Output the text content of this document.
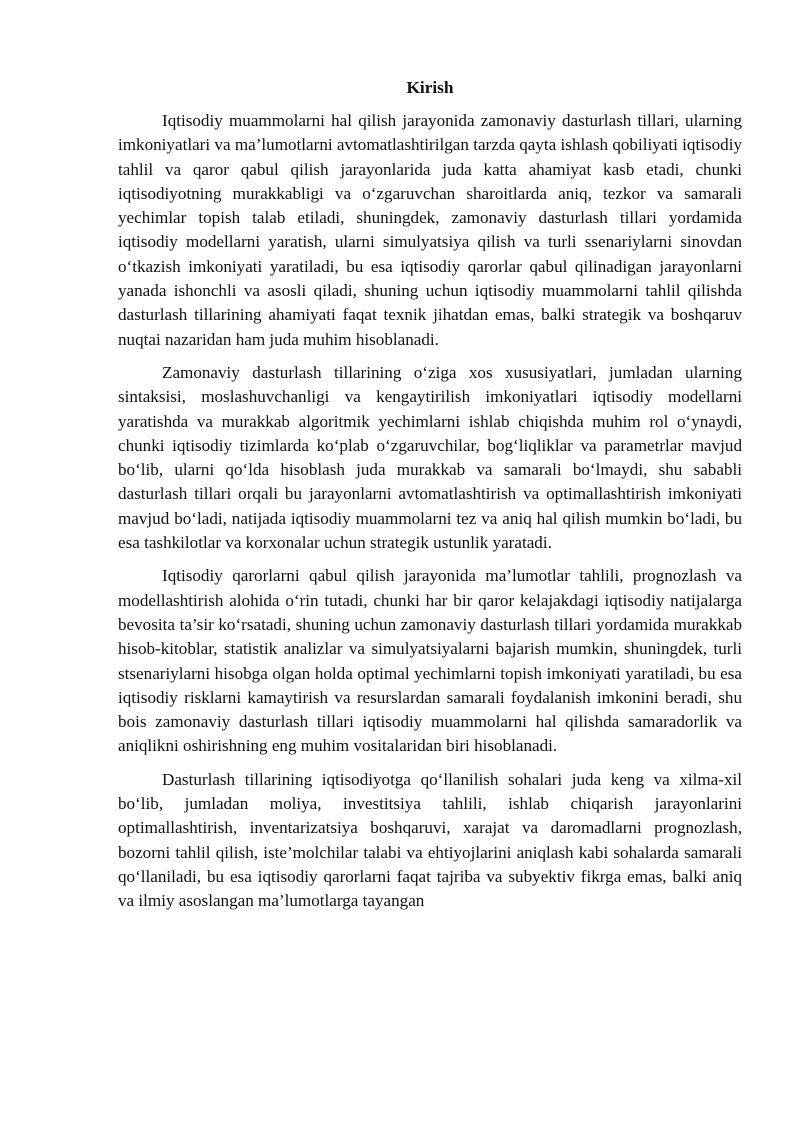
Kirish

Iqtisodiy muammolarni hal qilish jarayonida zamonaviy dasturlash tillari, ularning imkoniyatlari va ma’lumotlarni avtomatlashtirilgan tarzda qayta ishlash qobiliyati iqtisodiy tahlil va qaror qabul qilish jarayonlarida juda katta ahamiyat kasb etadi, chunki iqtisodiyotning murakkabligi va o‘zgaruvchan sharoitlarda aniq, tezkor va samarali yechimlar topish talab etiladi, shuningdek, zamonaviy dasturlash tillari yordamida iqtisodiy modellarni yaratish, ularni simulyatsiya qilish va turli ssenariylarni sinovdan o‘tkazish imkoniyati yaratiladi, bu esa iqtisodiy qarorlar qabul qilinadigan jarayonlarni yanada ishonchli va asosli qiladi, shuning uchun iqtisodiy muammolarni tahlil qilishda dasturlash tillarining ahamiyati faqat texnik jihatdan emas, balki strategik va boshqaruv nuqtai nazaridan ham juda muhim hisoblanadi.

Zamonaviy dasturlash tillarining o‘ziga xos xususiyatlari, jumladan ularning sintaksisi, moslashuvchanligi va kengaytirilish imkoniyatlari iqtisodiy modellarni yaratishda va murakkab algoritmik yechimlarni ishlab chiqishda muhim rol o‘ynaydi, chunki iqtisodiy tizimlarda ko‘plab o‘zgaruvchilar, bog‘liqliklar va parametrlar mavjud bo‘lib, ularni qo‘lda hisoblash juda murakkab va samarali bo‘lmaydi, shu sababli dasturlash tillari orqali bu jarayonlarni avtomatlashtirish va optimallashtirish imkoniyati mavjud bo‘ladi, natijada iqtisodiy muammolarni tez va aniq hal qilish mumkin bo‘ladi, bu esa tashkilotlar va korxonalar uchun strategik ustunlik yaratadi.

Iqtisodiy qarorlarni qabul qilish jarayonida ma’lumotlar tahlili, prognozlash va modellashtirish alohida o‘rin tutadi, chunki har bir qaror kelajakdagi iqtisodiy natijalarga bevosita ta’sir ko‘rsatadi, shuning uchun zamonaviy dasturlash tillari yordamida murakkab hisob-kitoblar, statistik analizlar va simulyatsiyalarni bajarish mumkin, shuningdek, turli stsenariylarni hisobga olgan holda optimal yechimlarni topish imkoniyati yaratiladi, bu esa iqtisodiy risklarni kamaytirish va resurslardan samarali foydalanish imkonini beradi, shu bois zamonaviy dasturlash tillari iqtisodiy muammolarni hal qilishda samaradorlik va aniqlikni oshirishning eng muhim vositalaridan biri hisoblanadi.

Dasturlash tillarining iqtisodiyotga qo‘llanilish sohalari juda keng va xilma-xil bo‘lib, jumladan moliya, investitsiya tahlili, ishlab chiqarish jarayonlarini optimallashtirish, inventarizatsiya boshqaruvi, xarajat va daromadlarni prognozlash, bozorni tahlil qilish, iste’molchilar talabi va ehtiyojlarini aniqlash kabi sohalarda samarali qo‘llaniladi, bu esa iqtisodiy qarorlarni faqat tajriba va subyektiv fikrga emas, balki aniq va ilmiy asoslangan ma’lumotlarga tayangan
